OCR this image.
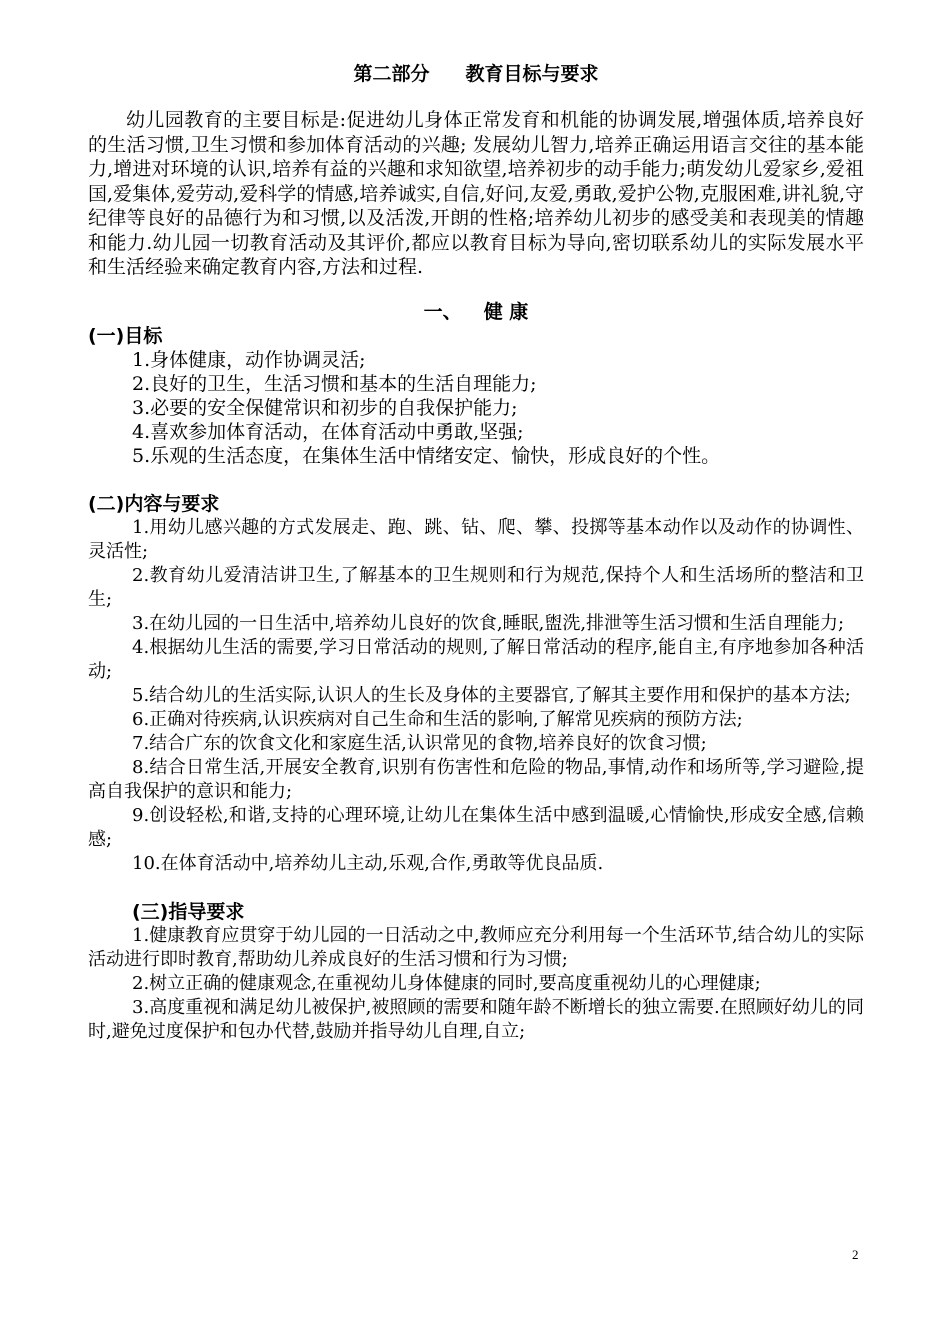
第二部分 教育目标与要求

幼儿园教育的主要目标是:促进幼儿身体正常发育和机能的协调发展,增强体质,培养良好的生活习惯,卫生习惯和参加体育活动的兴趣; 发展幼儿智力,培养正确运用语言交往的基本能力,增进对环境的认识,培养有益的兴趣和求知欲望,培养初步的动手能力;萌发幼儿爱家乡,爱祖国,爱集体,爱劳动,爱科学的情感,培养诚实,自信,好问,友爱,勇敢,爱护公物,克服困难,讲礼貌,守纪律等良好的品德行为和习惯,以及活泼,开朗的性格;培养幼儿初步的感受美和表现美的情趣和能力.幼儿园一切教育活动及其评价,都应以教育目标为导向,密切联系幼儿的实际发展水平和生活经验来确定教育内容,方法和过程.

一、 健 康

(一)目标

1.身体健康，动作协调灵活;
2.良好的卫生，生活习惯和基本的生活自理能力;
3.必要的安全保健常识和初步的自我保护能力;
4.喜欢参加体育活动，在体育活动中勇敢,坚强;
5.乐观的生活态度，在集体生活中情绪安定、愉快，形成良好的个性。

(二)内容与要求

1.用幼儿感兴趣的方式发展走、跑、跳、钻、爬、攀、投掷等基本动作以及动作的协调性、灵活性;
2.教育幼儿爱清洁讲卫生,了解基本的卫生规则和行为规范,保持个人和生活场所的整洁和卫生;
3.在幼儿园的一日生活中,培养幼儿良好的饮食,睡眠,盥洗,排泄等生活习惯和生活自理能力;
4.根据幼儿生活的需要,学习日常活动的规则,了解日常活动的程序,能自主,有序地参加各种活动;
5.结合幼儿的生活实际,认识人的生长及身体的主要器官,了解其主要作用和保护的基本方法;
6.正确对待疾病,认识疾病对自己生命和生活的影响,了解常见疾病的预防方法;
7.结合广东的饮食文化和家庭生活,认识常见的食物,培养良好的饮食习惯;
8.结合日常生活,开展安全教育,识别有伤害性和危险的物品,事情,动作和场所等,学习避险,提高自我保护的意识和能力;
9.创设轻松,和谐,支持的心理环境,让幼儿在集体生活中感到温暖,心情愉快,形成安全感,信赖感;
10.在体育活动中,培养幼儿主动,乐观,合作,勇敢等优良品质.

(三)指导要求

1.健康教育应贯穿于幼儿园的一日活动之中,教师应充分利用每一个生活环节,结合幼儿的实际活动进行即时教育,帮助幼儿养成良好的生活习惯和行为习惯;
2.树立正确的健康观念,在重视幼儿身体健康的同时,要高度重视幼儿的心理健康;
3.高度重视和满足幼儿被保护,被照顾的需要和随年龄不断增长的独立需要.在照顾好幼儿的同时,避免过度保护和包办代替,鼓励并指导幼儿自理,自立;
2
